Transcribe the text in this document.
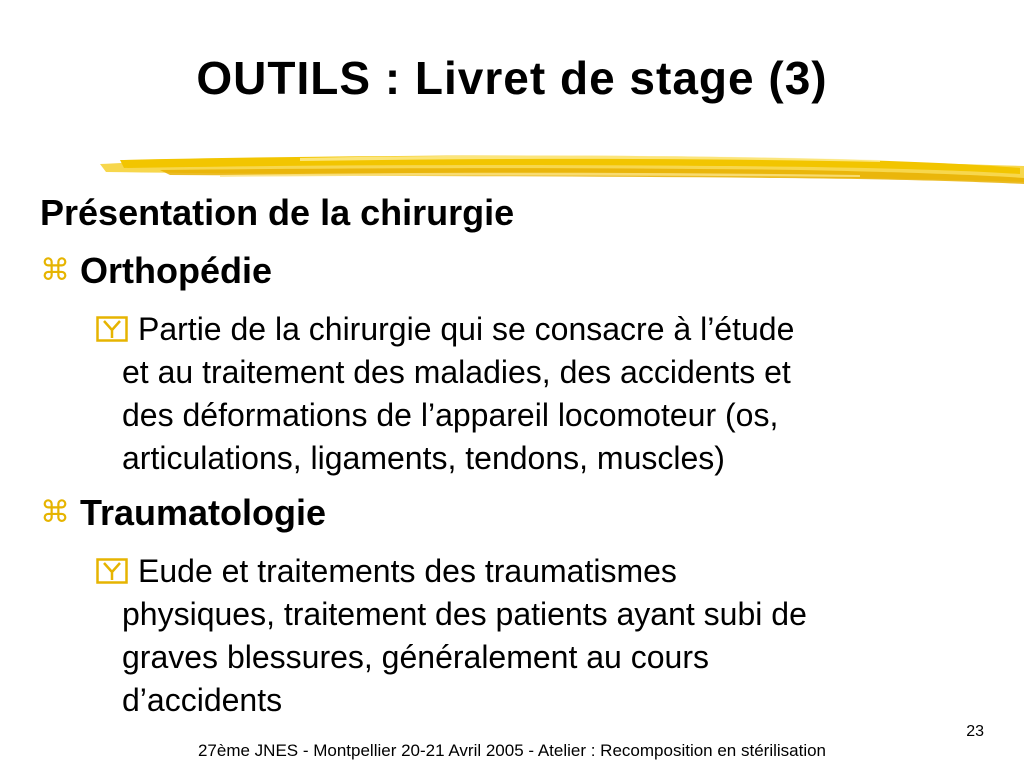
OUTILS : Livret de stage (3)
Présentation de la chirurgie
⌘ Orthopédie
Partie de la chirurgie qui se consacre à l’étude
et au traitement des maladies, des accidents et
des déformations de l’appareil locomoteur (os,
articulations, ligaments, tendons, muscles)
⌘ Traumatologie
Eude et traitements des traumatismes
physiques, traitement des patients ayant subi de
graves blessures, généralement au cours
d’accidents
23
27ème JNES - Montpellier 20-21 Avril 2005 - Atelier : Recomposition en stérilisation
